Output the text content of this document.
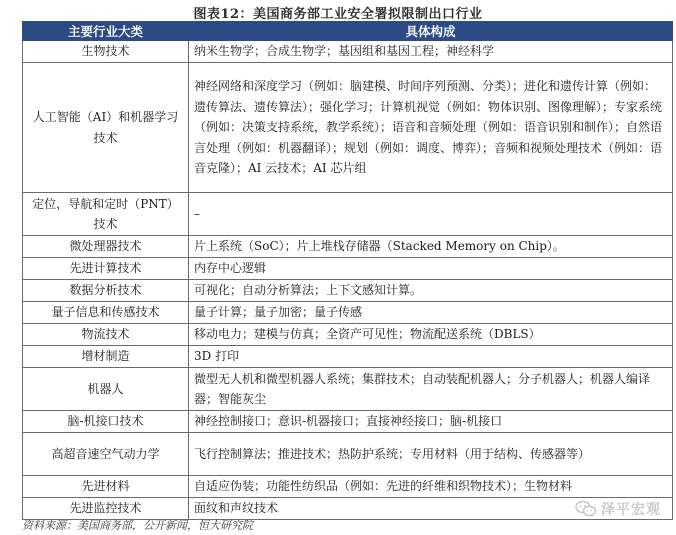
图表12：美国商务部工业安全署拟限制出口行业
主要行业大类	具体构成
生物技术	纳米生物学；合成生物学；基因组和基因工程；神经科学
人工智能（AI）和机器学习技术	神经网络和深度学习（例如：脑建模、时间序列预测、分类）；进化和遗传计算（例如：遗传算法、遗传算法）；强化学习；计算机视觉（例如：物体识别、图像理解）；专家系统（例如：决策支持系统，教学系统）；语音和音频处理（例如：语音识别和制作）；自然语言处理（例如：机器翻译）；规划（例如：调度、博弈）；音频和视频处理技术（例如：语音克隆）；AI 云技术；AI 芯片组
定位，导航和定时（PNT）技术	–
微处理器技术	片上系统（SoC）；片上堆栈存储器（Stacked Memory on Chip）。
先进计算技术	内存中心逻辑
数据分析技术	可视化；自动分析算法；上下文感知计算。
量子信息和传感技术	量子计算；量子加密；量子传感
物流技术	移动电力；建模与仿真；全资产可见性；物流配送系统（DBLS）
增材制造	3D 打印
机器人	微型无人机和微型机器人系统；集群技术；自动装配机器人；分子机器人；机器人编译器；智能灰尘
脑-机接口技术	神经控制接口；意识-机器接口；直接神经接口；脑-机接口
高超音速空气动力学	飞行控制算法；推进技术；热防护系统；专用材料（用于结构、传感器等）
先进材料	自适应伪装；功能性纺织品（例如：先进的纤维和织物技术）；生物材料
先进监控技术	面纹和声纹技术
资料来源：美国商务部，公开新闻，恒大研究院
泽平宏观
